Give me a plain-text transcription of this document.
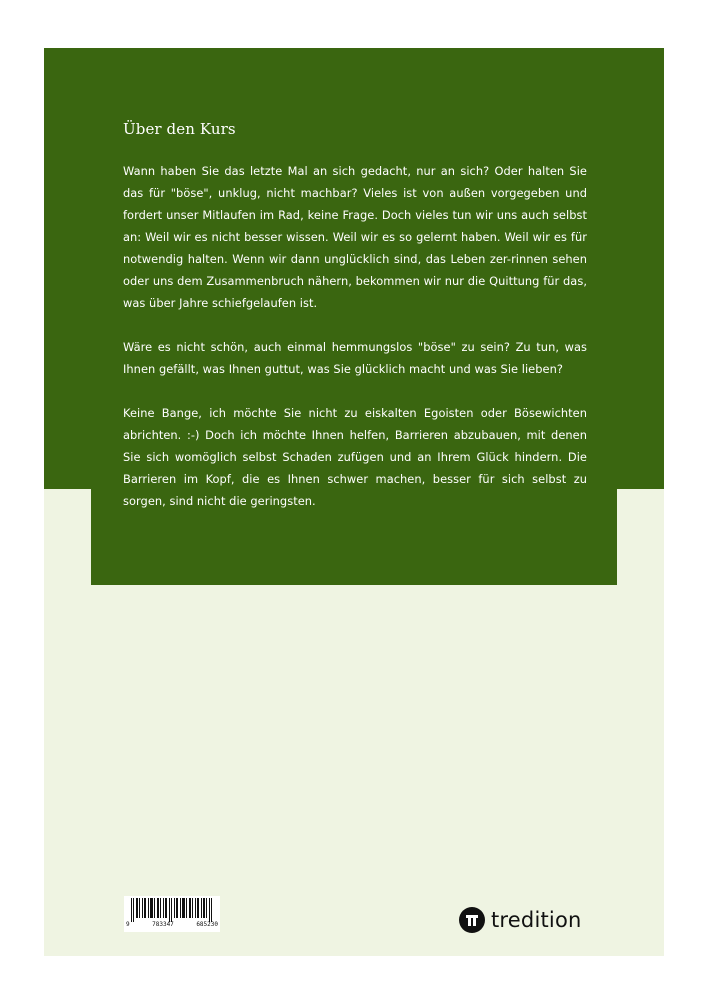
Über den Kurs

Wann haben Sie das letzte Mal an sich gedacht, nur an sich? Oder halten Sie das für "böse", unklug, nicht machbar? Vieles ist von außen vorgegeben und fordert unser Mitlaufen im Rad, keine Frage. Doch vieles tun wir uns auch selbst an: Weil wir es nicht besser wissen. Weil wir es so gelernt haben. Weil wir es für notwendig halten. Wenn wir dann unglücklich sind, das Leben zer-rinnen sehen oder uns dem Zusammenbruch nähern, bekommen wir nur die Quittung für das, was über Jahre schiefgelaufen ist.

Wäre es nicht schön, auch einmal hemmungslos "böse" zu sein? Zu tun, was Ihnen gefällt, was Ihnen guttut, was Sie glücklich macht und was Sie lieben?

Keine Bange, ich möchte Sie nicht zu eiskalten Egoisten oder Bösewichten abrichten. :-) Doch ich möchte Ihnen helfen, Barrieren abzubauen, mit denen Sie sich womöglich selbst Schaden zufügen und an Ihrem Glück hindern. Die Barrieren im Kopf, die es Ihnen schwer machen, besser für sich selbst zu sorgen, sind nicht die geringsten.

9	783347	685230	tredition
